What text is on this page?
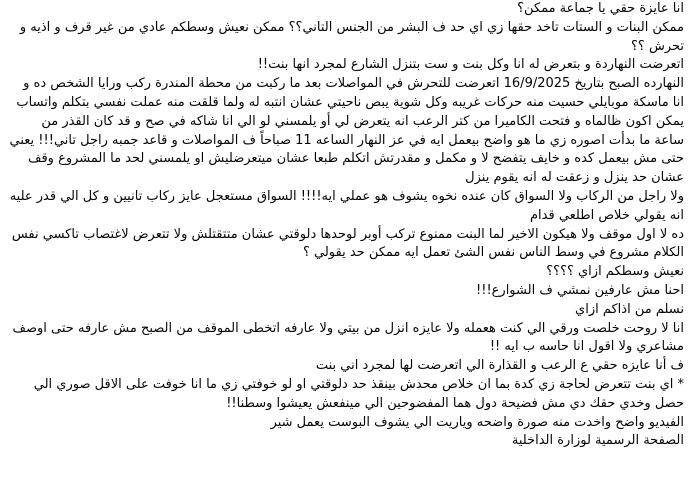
انا عايزة حقي يا جماعة ممكن؟

ممكن البنات و الستات تاخد حقها زي اي حد ف البشر من الجنس التاني؟؟ ممكن نعيش وسطكم عادي من غير قرف و اذيه و تحرش ؟؟

اتعرضت النهاردة و بتعرض له انا وكل بنت و ست بتنزل الشارع لمجرد انها بنت!!

النهارده الصبح بتاريخ 16/9/2025 اتعرضت للتحرش في المواصلات بعد ما ركبت من محطة المندرة ركب ورايا الشخص ده و انا ماسكة موبايلي حسيت منه حركات غريبه وكل شوية يبص ناحيتي عشان انتبه له ولما قلقت منه عملت نفسي بتكلم واتساب يمكن اكون ظالماه و فتحت الكاميرا من كتر الرعب انه يتعرض لي أو يلمسني لو الي انا شاكه في صح و قد كان القذر من ساعة ما بدأت اصوره زي ما هو واضح بيعمل ايه في عز النهار الساعه 11 صباحاً ف المواصلات و قاعد جمبه راجل تاني!!! يعني حتى مش بيعمل كده و خايف يتفضح لا و مكمل و مقدرتش اتكلم طبعا عشان ميتعرضليش او يلمسني لحد ما المشروع وقف عشان حد ينزل و زعقت له انه يقوم ينزل

ولا راجل من الركاب ولا السواق كان عنده نخوه يشوف هو عملي ايه!!!! السواق مستعجل عايز ركاب تانيين و كل الي قدر عليه انه يقولي خلاص اطلعي قدام

ده لا اول موقف ولا هيكون الاخير لما البنت ممنوع تركب أوبر لوحدها دلوقتي عشان متتقتلش ولا تتعرض لاغتصاب تاكسي نفس الكلام مشروع في وسط الناس نفس الشئ تعمل ايه ممكن حد يقولي ؟

نعيش وسطكم ازاي ؟؟؟؟

احنا مش عارفين نمشي ف الشوارع!!!

نسلم من اذاكم ازاي

انا لا روحت خلصت ورقي الي كنت هعمله ولا عايزه انزل من بيتي ولا عارفه اتخطى الموقف من الصبح مش عارفه حتى اوصف مشاعري ولا اقول انا حاسه ب ايه !!

ف أنا عايزه حقي ع الرعب و القذارة الي اتعرضت لها لمجرد اني بنت

* اي بنت تتعرض لحاجة زي كدة بما ان خلاص محدش بينقذ حد دلوقتي او لو خوفتي زي ما انا خوفت على الاقل صوري الي حصل وخدي حقك دي مش فضيحة دول هما المفضوحين الي مينفعش يعيشوا وسطنا!!

الفيديو واضح واخدت منه صورة واضحه وياريت الي يشوف البوست يعمل شير

الصفحة الرسمية لوزارة الداخلية
